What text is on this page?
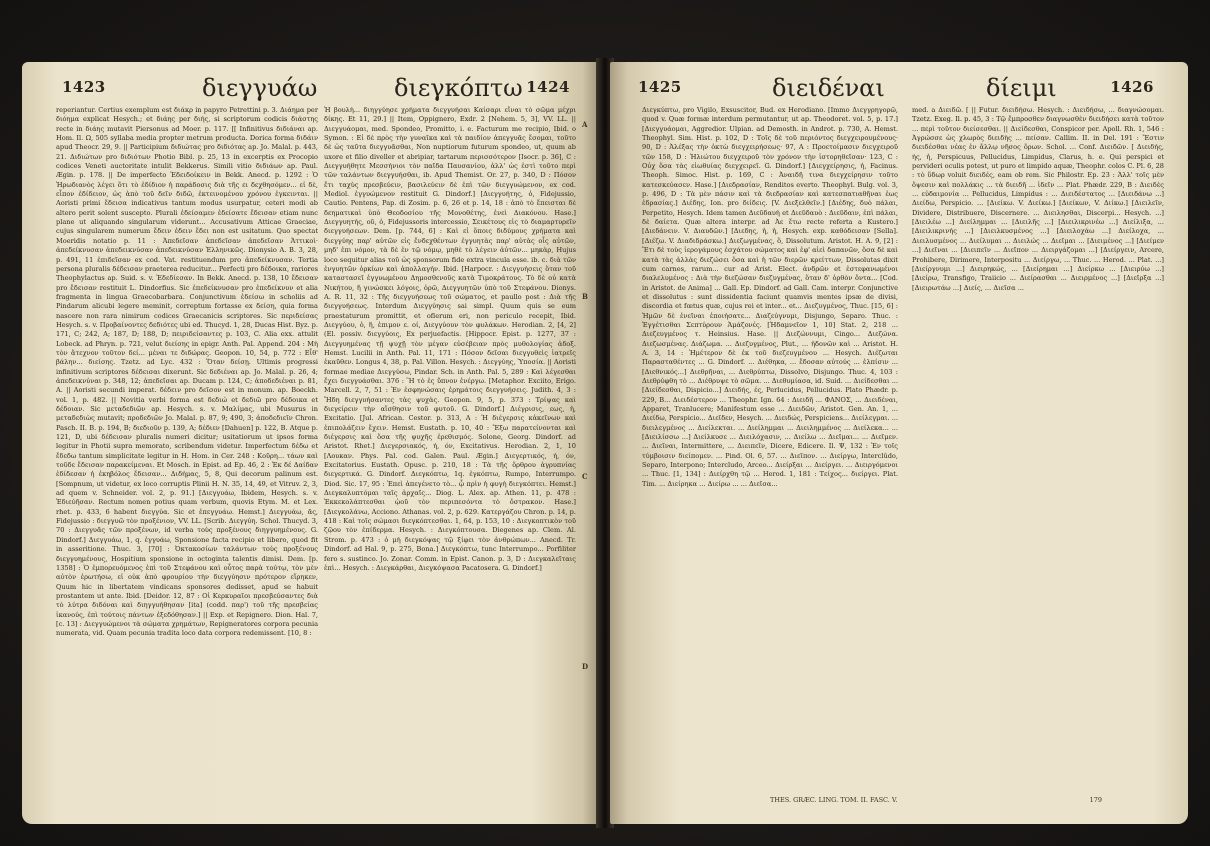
1423	διεγγυάω	διεγκόπτω 1424

reperiantur. Certius exemplum est διάκρ in papyro Petrettini p. 3. Διάημα per διόημα explicat Hesych.; et διάης per διής, si scriptorum codicis διάστης recte in διάης mutavit Piersonus ad Moer. p. 117. [[ Infinitivus διδιάναι ap. Hom. Il. Ω, 505 syllaba media propter metrum producta. Dorica forma διδάιν apud Theocr. 29, 9. || Participium διδιώτας pro διδιότας ap. Jo. Malal. p. 443, 21. Διδιώτων pro διδιότων Photio Bibl. p. 25, 13 in excerptis ex Procopio codices Veneti auctoritate intulit Bekkerus. Simili vitio διδιάων ap. Paul. Ægin. p. 178. || De imperfecto Ἐδειδοίκειν in Bekk. Anecd. p. 1292 : Ὁ Ἡρωδιανὸς λέγει ὅτι τὸ ἐδίδιον ἡ παράδοσις διὰ τῆς ει δεχθησόμεν... εἰ δὲ, εἶπον ἐδίδειον, ὡς ἀπὸ τοῦ δεῖν διδῶ, ἐκτεινομένου χρόνου ἐγκεινται. || Aoristi primi ἔδεισα indicativus tantum modus usurpatur, ceteri modi ab altero perit solent suscepto. Plurali ἐδείσαμεν ἐδείσατε ἔδεισαν etiam nunc plane ut aliquando singularum viderunt... Accusativum Atticae Graeciae, cujus singularem numerum ἔδειν ἐδειν ἔδει non est usitatum. Quo spectat Moeridis notatio p. 11 : Ἀπεδεῖσαν ἀπεδεῖσαν ἀπεδεῖσαν Ἀττικοὶ· ἀπεδείκνυσαν ἀπεδεικνύσαν ἀπεδεικνύσαν Ἑλληνικῶς. Dionysio A. B. 3, 28, p. 491, 11 ἐπιδεῖσαν ex cod. Vat. restituendum pro ἀπεδείκνυσαν. Tertia persona pluralis δέδεισαν praeterea reducitur... Perfecti pro δέδοικα, rariores Theophylactus ap. Suid. s. v. Ἐδεδίεσαν. In Bekk. Anecd. p. 138, 10 ἔδεισαν pro ἔδεισαν restituit L. Dindorfius. Sic ἐπεδείκνυσαν pro ἐπεδείκνυν et alia fragmenta in lingua Graecobarbara. Conjunctivum ἐδείσω in scholiis ad Pindarum alicubi legere meminit, correptum fortasse ex δείση, quia forma nascere non rara nimirum codices Graecanicis scriptores. Sic περιδείσας Hesych. s. v. Προβαίνοντες δεδιότες ubi ed. Thucyd. 1, 28, Ducas Hist. Byz. p. 171, C; 242, A; 187, D; 188, D; πειριδείσαντες p. 103, C. Alia exx. attulit Lobeck. ad Phryn. p. 721, velut διείσης in epigr. Anth. Pal. Append. 204 : Μὴ τὸν ἄτεχνον τοῦτον δεί... μέναι τε διδώρας. Geopon. 10, 54, p. 772 : Εἶθ' βάλην... διείσης. Tzetz. ad Lyc. 432 : Ὅταν δείσῃ. Ultimis progressi infinitivum scriptores δέδεισαι dixerunt. Sic δεδιέναι ap. Jo. Malal. p. 26, 4; ἀπεδεικνύναι p. 348, 12; ἀπεδεῖσαι ap. Ducam p. 124, C; ἀποδεδιέναι p. 81, A. || Aoristi secundi imperat. δέδειν pro δεῖσον est in monum. ap. Boeckh. vol. 1, p. 482. || Novitia verbi forma est δεδιώ et δεδιῶ pro δέδοικα et δέδοιαν. Sic μεταδεδιῶν ap. Hesych. s. v. Μαλίμας, ubi Musurus in μεταδεδιὼς mutavit; προδεδιῶν Jo. Malal. p. 87, 9; 490, 3; ἀποδεδιεῖν Chron. Pasch. II. B. p. 194, B; διεδιοῦν p. 139, A; δέδιεν [Dahuen] p. 122, B. Atque p. 121, D, ubi δέδεισαν pluralis numeri dicitur; usitatiorum ut ipsos forma legitur in Photii supra memorato, scribendum videtur. Imperfectum δέδω et ἔδεδω tantum simplicitate legitur in H. Hom. in Cer. 248 : Κοῦρη... τάων καὶ τοῦδε ἔδεισαν παρακείμεναι. Et Mosch. in Epist. ad Ep. 46, 2 : Ἐκ δέ Δαίδαν ἐδίδεσαν ἡ ἑκηβόλος ἔδεισαν... Διδήμας, 5, 8, Qui decorum palinum est. [Sompnum, ut videtur, ex loco corruptis Plinii H. N. 35, 14, 49, et Vitruv. 2, 3, ad quem v. Schneider. vol. 2, p. 91.] [Διεγγυάω, Ibidem, Hesych. s. v. Ἐδιεύῆσαν. Rectum nomen potius quam verbum, quovis Etym. M. et Lex. rhet. p. 433, 6 habent διεγγύα. Sic et ἐπεγγυάω. Hemst.] Διεγγυάω, ᾶς, Fidejussio : διεγγυῶ τὸν προξένιον, VV. LL. [Scrib. Διεγγύη. Schol. Thucyd. 3, 70 : Διεγγυᾶς τῶν προξένων, id verba τοὺς προξένους διηγγυημένους. G. Dindorf.] Διεγγυάω, 1, q. ἐγγυάω, Sponsione facta recipio et libero, quod fit in asseritione. Thuc. 3, [70] : Ὀκτακοσίων ταλάντων τοὺς προξένους διεγγυημένους, Hospitium sponsione in octoginta talentis dimisi. Dem. [p. 1358] : Ὁ ἐμπορευόμενος ἐπὶ τοῦ Στεφάνου καὶ οὗτος παρὰ τούτῳ, τὸν μὲν αὐτὸν ἐρωτήσω, εἰ οὐκ ἀπὸ φρουρίου τὴν διεγγύησιν πρότερον εἴρηκεν, Quum hic in libertatem vindicans sponsores dedisset, apud se habuit prostantem ut ante. Ibid. [Deidor. 12, 87 : Οἱ Κερκυραῖοι πρεσβεύσαντες διὰ τὸ λύτρα διδόναι καὶ διηγγυήθησαν [ita] (codd. παρ') τοῦ τῆς πρεσβείας ἱκανούς, ἐπὶ τούτοις πάντων ἐξεδόθησαν.] || Exp. et Repignero. Dion. Hal. 7, [c. 13] : Διεγγυώμενοι τὰ σώματα χρημάτων, Repigneratores corpora pecunia numerata, vid. Quam pecunia tradita loco data corpora redemissent. [10, 8 :

Ἡ βουλὴ... διηγγύησε χρήματα διεγγυήσαι Καίσαρι εἴναι τὸ σῶμα μέχρι δίκης. Et 11, 29.] || Item, Oppignero, Exdr. 2 [Nehem. 5, 3], VV. LL. || Διεγγυάομαι, med. Spondeo, Promitto, i. e. Facturum me recipio, Ibid. o Symon. : Εἰ δὲ πρὸς τὴν γυναῖκα καὶ τὰ παιδίον ἀπεγγυᾶς ἔσομαι, τοῦτο δὲ ὡς ταῦτα διεγγυᾶσθαι, Non nuptiorum futurum spondeo, ut, quum ab uxore et filio diveller et abripiar, tartarum περισσότερον [Isocr. p. 36], C : Διεγγυήθητε Μεσσήνιοι τὸν παῖδα Παυσανίου, ἀλλ' ὡς ἐστὶ τοῦτο περὶ τῶν ταλάντων διεγγυήσθαι, ib. Apud Themist. Or. 27, p. 340, D : Πόσον ἔτι ταχὺς πρεσβεύειν, βασιλεύειν δὲ ἐπὶ τῶν διεγγυώμενον, ex cod. Mediol. ἐγγυώμενον restituit G. Dindorf.] [Διεγγυήτης, ὁ, Fidejussio, Cautio. Pentens, Pap. di Zosim. p. 6, 26 et p. 14, 18 : ἀπὸ τὸ ἔπεισται δὲ δεηματικαὶ ὑπὸ Θεοδοσίου τῆς Μονοθέτης, ἐνεὶ Διακόνου. Hase.] Διεγγυητής, οῦ, ὁ, Fidejussoris intercessio, Σεικέτους εἰς τὸ διαμαρτυρεῖν διεγγυήσεων. Dem. [p. 744, 6] : Καὶ εἰ ὅποις διδύμους χρήματα καὶ διεγγύης παρ' αὐτῶν εἰς ἕνδεχθέντων ἐγγυητὰς παρ' αὐτὰς οἷς αὐτῶν, μηδ' ἐπι νόμον, τὰ δὲ ἐν τῷ νόμῳ, μηθὲ τὸ λέγειν ἀὐτῶν... μηκὰρ, Hujus loco sequitur alias τοῦ ὡς sponsorum fide extra vincula esse. ib. c. διὰ τῶν ἐνγυητῶν ὁρκίων καὶ ἀπολλαγήν. Ibid. [Harpocr. : Διεγγυήσεις ὅταν τοῦ καταστασεῖ ἐγγυωμένου Δημοσθενοῦς κατὰ Τιμοκράτους. Τὸ δὲ οὐ κατὰ Νικήτου, ἢ γινώσκει λόγοις, ὀρῶ, Διεγγυητῶν ὑπὸ τοῦ Στεφάνου. Dionys. A. R. 11, 32 : Τῆς διεγγυήσεως τοῦ σώματος, et paullo post : Διὰ τῆς διεγγυήσεως. Interdum Διεγγύησις sai simpl. Quum quis se eum praestaturum promittit, et oflerum eri, non periculo recepit, Ibid. Διεγγύου, ὁ, ἢ, ἐπιμον ε. οί, Διεγγύουν τὸν φυλάκων. Herodian. 2, [4, 2] (El. possiv. διεγγύοις, Ex perjuefactis. [Hippocr. Epist. p. 1277, 37 : Διεγγυημένας τῇ ψυχῇ τὸν μέγαν εὐσέβειαν πρὸς μυθολογίας ἀδοξ. Hemst. Lucilii in Anth. Pal. 11, 171 : Πόσον δεῖσαι διεγγυθεὶς ἰατρεῖς ἐκαῦθεν. Longus 4, 38, p. Pal. Villon. Hesych. : Διεγγύης, Ὑποσία. || Aoristi formae mediae Διεγγύσω, Pindar. Sch. in Anth. Pal. 5, 289 : Καὶ λέγεσθαι ἔχει διεγγυάσθαι. 376 : Ἢ τὸ ἐς ὕπνον ἐνέργω. [Metaphor. Exciito, Erigo. Marcell. 2, 7, 51 : Ἐν ἐσφηνώσαις ἐρημάτοις διεγγυήσεις. Judith. 4, 3 : Ἤδη διεγγυήσαντες τὰς ψυχὰς. Geopon. 9, 5, p. 373 : Τρίψας καὶ διεγείρειν τὴν αἴσθησιν τοῦ φυτοῦ. G. Dindorf.] Διέγρισις, εως, ἡ, Excitatio. [Jul. African. Cestor. p. 313, A : Ἡ διέγερσις κἀκεῖνων καὶ ἐπιπολάζειν ἔχειν. Hemst. Eustath. p. 10, 40 : Ἔξω παρατείνονται καὶ διέγερσις καὶ ὅσα τῆς ψυχῆς ἐρεθισμός. Solone, Georg. Dindorf. ad Aristot. Rhet.] Διεγερσιακός, ή, όν, Excitativus. Herodian. 2, 1, 10 [Λουκαν. Phys. Pal. cod. Galen. Paul. Ægin.] Διεγερτικός, ή, όν, Excitatorius. Eustath. Opusc. p. 210, 18 : Τὰ τῆς ὄρθρου ἀγρυπνίας διεγερτικά. G. Dindorf. Διεγκόπτω, 1q. ἐγκόπτω, Rumpo, Interrumpo. Diod. Sic. 17, 95 : Ἐπεὶ ἀπεγένετο τὸ... ᾧ πρὶν ἡ φυγὴ διεγκόπτει. Hemst.] Διεγκαλυπτόμαι ταῖς ἀρχαῖς... Diog. L. Alex. ap. Athen. 11, p. 478 : Ἐκκεκολάπτεσθαι ᾠοῦ τὸν περιπεσόντα τὸ ὄστρακον. Hase.] [Διεγκολάνω, Acciono. Athanas. vol. 2, p. 629. Κατεργάζου Chron. p. 14, p. 418 : Καὶ τοῖς σώμασι διεγκόπτεσθαι. 1, 64, p. 153, 10 : Διεγκοπτικὸν τοῦ ζῷου τὸν ἐπίδερμα. Hesych. : Διεγκόπτουσα. Diegenes ap. Clem. Al. Strom. p. 473 : ὁ μὴ διεγκόψας τῷ ξίφει τὸν ἀνθρώπων... Anecd. Tr. Dindorf. ad Hal. 9, p. 275, Bona.] Διεγκόπτω, tunc Interrumpo... Porfiliter fero s. sustinco. Jo. Zonar. Comm. in Epist. Canon. p. 3, D : Διεγκαλεῖταις ἐπὶ... Hesych. : Διεγκάρθαι, Διεγκόψασα Pacatosera. G. Dindorf.]

A
B
C
D
1425	διειδέναι	δίειμι	1426

Διεγκύπτω, pro Vigilo, Exsuscitor, Bud. ex Herodiano. [Immo Διεγγρηγορῶ, quod v. Quæ formæ interdum permutantur, ut ap. Theodoret. vol. 5, p. 17.] [Διεγγυάομαι, Aggredior. Ulpian. ad Demosth. in Androt. p. 730, A. Hemst. Theophyl. Sim. Hist. p. 102, D : Τοῖς δὲ τοῦ περιόντος διεγχειρουμένους· 90, D : Ἀλέξας τὴν ὁκτὼ διεγχειρήσεως· 97, A : Προετοίμασιν διεγχειροῦ τῶν 158, D : Ἡλιώτου διεγχειροῦ τὸν χρόνον τὴν ἱστορηθεῖσαν· 123, C : Οὐχ ὅσα τὰς εἰωθυίας διεγχειρεῖ. G. Dindorf.] [Διεγχείρησις, ἡ, Facinus. Theoph. Simoc. Hist. p. 169, C : Ἀναιδῆ τινα διεγχείρησιν τοῦτο κατεσκεύασεν. Hase.] [Διεδρασίαν, Renditos everto. Theophyl. Bulg. vol. 3, p. 496, D : Τὰ μὲν πάσιν καὶ τὰ διεδρασίαν καὶ κατεσπατιαθῆναι ἑως ἐδρασίας.] Διέδης, Ion. pro διίδεις. [V. Διεξελθεῖν.] [Διέδης, δυὸ πάλαι, Perpetito, Hesych. Idem tamen Διεῦδαυὴ et Διεῦδαυὸ : Διεῦδαιν, ἐπὶ πάλαι, δὲ δαίετα. Quæ altera interpr. ad Ἀε ἔτω recte referta a Kustero.] [Διεδάνειν. V. Διαυδῶν.] [Διεδης, ἡ, ἡ, Hesych. exp. καθόδεισαν [Sella]. [Διέζω. V. Διαδιδράσκω.] Διεζωγμένας, ὃ, Dissolutum. Aristot. H. A. 9, [2] : Ἔτι δὲ τοὺς ἱερογάμους ἐσχάτου σώματος καὶ ἐφ' αἰεὶ δαπανῶν, ὅσα δὲ καὶ κατὰ τὰς ἀλλὰς διεζώσει ὅσα καὶ ἡ τῶν διερῶν κρείττων, Dissolutas dixit cum carnes, rarum... cur ad Arist. Elect. ἀνδρῶν et ἐστεφανωμένοι διαλελυμένος : Διὰ τὴν διεζώσαν διεζυγμένας, ὅταν δ' ὀρθὸν ὄντα... [Cod. in Aristot. de Anima] ... Gall. Ep. Dindorf. ad Gall. Cam. interpr. Conjunctive et dissolutus : sunt dissidentia faciunt quamvis mentes ipsæ de divisi, discordia et fœtus quæ, cujus rei et inter... et... Διεζυγμένος, Thuc. [15, 6] : Ἡμῶν δὲ ἐνεῖναι ἐποιήσατε... Διαζεύγνυμι, Disjungo, Separo. Thuc. : Ἐγγέτισθαι Σεπτύρουν Ἀμάζονές. [Ἠδαμνεῖον 1, 10] Stat. 2, 218 ... Διεζευγμένος τ. Heinsius. Hase. || Διεζώννυμι, Cingo... Διεζώνα. Διεζωσμένας. Διάζωμα. ... Διεζυγμένος, Plut., ... ἡδονῶν καὶ ... Aristot. H. A. 3, 14 : Ἡμέτερον δὲ ἐκ τοῦ διεζευγμένου ... Hesych. Διέζωται Παρασταθέντες ... G. Dindorf. ... Διέθηκα, ... ἔδοσαν αὐτούς ... ἐλπίσιν ... [Διεθνικός...] Διεθρῆναι, ... Διεθρύπτω, Dissolvo, Disjungo. Thuc. 4, 103 : Διεθρύφθη τὸ ... Διέθρυψε τὸ σῶμα. ... Διεθυμίασα, id. Suid. ... Διείδεσθαι ... [Διείδεσθαι, Dispicio...] Διειδής, ές, Perlucidus, Pellucidus. Plato Phædr. p. 229, B... Διειδέστερον ... Theophr. Ign. 64 : Διειδῆ ... ΦΑΝΟΣ, ... Διειδέναι, Apparet, Tranlucere; Manifestum esse ... Διειδῶν, Aristot. Gen. An. 1, ... Διείδω, Perspicio... Διεῖδεν, Hesych. ... Διειδώς, Perspiciens... Διείλεγμαι. ... διειλεγμένος ... Διείλεκται. ... Διείλημμαι ... Διειλημμένος ... Διείλεκα... ... [Διειλίσσω ...] Διείλκυσε ... Διειλόχασιν, ... Διείλω ... Διεῖμαι... ... Διεῖμεν. ... Διεῖναι, Intermittere, ... Διειπεῖν, Dicere, Edicere. Il. Ψ, 132 : Ἐν τοῖς τύμβοισιν διείπομεν. ... Pind. Ol. 6, 57. ... Διεῖπον. ... Διείργω, Interclûdo, Separo, Interpono; Intercludo, Arceo... Διείρξαι ... Διείργει. ... Διειργόμενοι ... Thuc. [1, 134] : Διείρχθη τῷ ... Herod. 1, 181 : Τείχος... διείργει. Plat. Tim. ... Διείρηκα ... Διείρω ... ... Διεῖσα...

med. a Διειδῶ. [ || Futur. διειδήσω. Hesych. : Διειδήσω, ... διαγνώσομαι. Tzetz. Exeg. Il. p. 45, 3 : Τῷ ἔμπροσθεν διαγνωσθὲν διειδήσει κατὰ τοῦτον ... περὶ τοῦτον διείσεσθαι. || Διείδεσθαι, Conspicor per. Apoll. Rh. 1, 546 : Ἀγρώσσε ὡς χλωρὸς διειδὴς ... πείσαν. Callim. II. in Del. 191 : Ἔστιν διειδέσθαι νέας ἐν ἄλλῳ νῆσος ὅρων. Schol. ... Conf. Διειδῶν. [ Διειδής, ής, ἡ, Perspicuus, Pellucidus, Limpidus, Clarus, h. e. Qui perspici et pervideri oculis potest, ut puro et limpido aquæ, Theophr. colos C. Pl. 6, 28 : τὸ ὕδωρ voluit διειδές, eam ob rem. Sic Philostr. Ep. 23 : Ἀλλ' τοῖς μὲν ὄψεσιν καὶ πολλάκις ... τὰ διειδῆ ... ἰδεῖν ... Plat. Phædr. 229, B : Διειδὲς ... εὐδαιμονία ... Pellucidus, Limpidus : ... Διειδέστατος ... [Διειδάνω ...] Διείδω, Perspicio. ... [Διείκω. V. Διείκω.] [Διείκων, V. Διίκω.] [Διειλεῖν, Dividere, Distribuere, Discernere. ... Διειλησθαι, Discerpi... Hesych. ...] [Διειλέω ...] Διείλημμαι ... [Διειλῆς ...] [Διειλικρινέω ...] Διείλιξα, ... [Διειλικρινής ...] [Διειλκυσμένος ...] [Διειλοχάω ...] Διείλοχα, ... Διειλυσμένος ... Διείλυμαι ... Διειλώς ... Διεῖμαι ... [Διειμένος ...] [Διείμεν ...] Διεῖναι ... [Διειπεῖν ... Διεῖπον ... Διειργάζομαι ...] [Διείργειν, Arcere, Prohibere, Dirimere, Interpositu ... Διείργω, ... Thuc. ... Herod. ... Plat. ...] [Διείργνυμι ...] Διειρηκώς, ... [Διείρημαι ...] Διείρκω ... [Διειρύω ...] [Διείρω, Transfigo, Traiicio ... Διείρασθαι ... Διειρμένος ...] [Διεῖρξα ...] [Διειρωτάω ...] Διείς, ... Διεῖσα ...

THES. GRÆC. LING. TOM. II. FASC. V.	179
